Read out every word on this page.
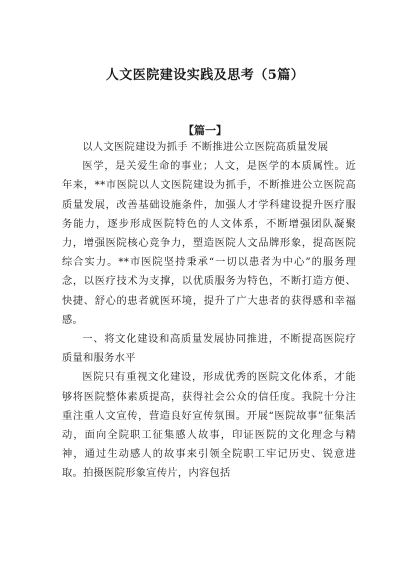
人文医院建设实践及思考（5篇）
【篇一】

以人文医院建设为抓手 不断推进公立医院高质量发展

医学，是关爱生命的事业；人文，是医学的本质属性。近年来，**市医院以人文医院建设为抓手，不断推进公立医院高质量发展，改善基础设施条件，加强人才学科建设提升医疗服务能力，逐步形成医院特色的人文体系，不断增强团队凝聚力，增强医院核心竞争力，塑造医院人文品牌形象，提高医院综合实力。**市医院坚持秉承“一切以患者为中心”的服务理念，以医疗技术为支撑，以优质服务为特色，不断打造方便、快捷、舒心的患者就医环境，提升了广大患者的获得感和幸福感。

一、将文化建设和高质量发展协同推进，不断提高医院疗质量和服务水平

医院只有重视文化建设，形成优秀的医院文化体系，才能够将医院整体素质提高，获得社会公众的信任度。我院十分注重注重人文宣传，营造良好宣传氛围。开展“医院故事”征集活动，面向全院职工征集感人故事，印证医院的文化理念与精神，通过生动感人的故事来引领全院职工牢记历史、锐意进取。拍摄医院形象宣传片，内容包括
